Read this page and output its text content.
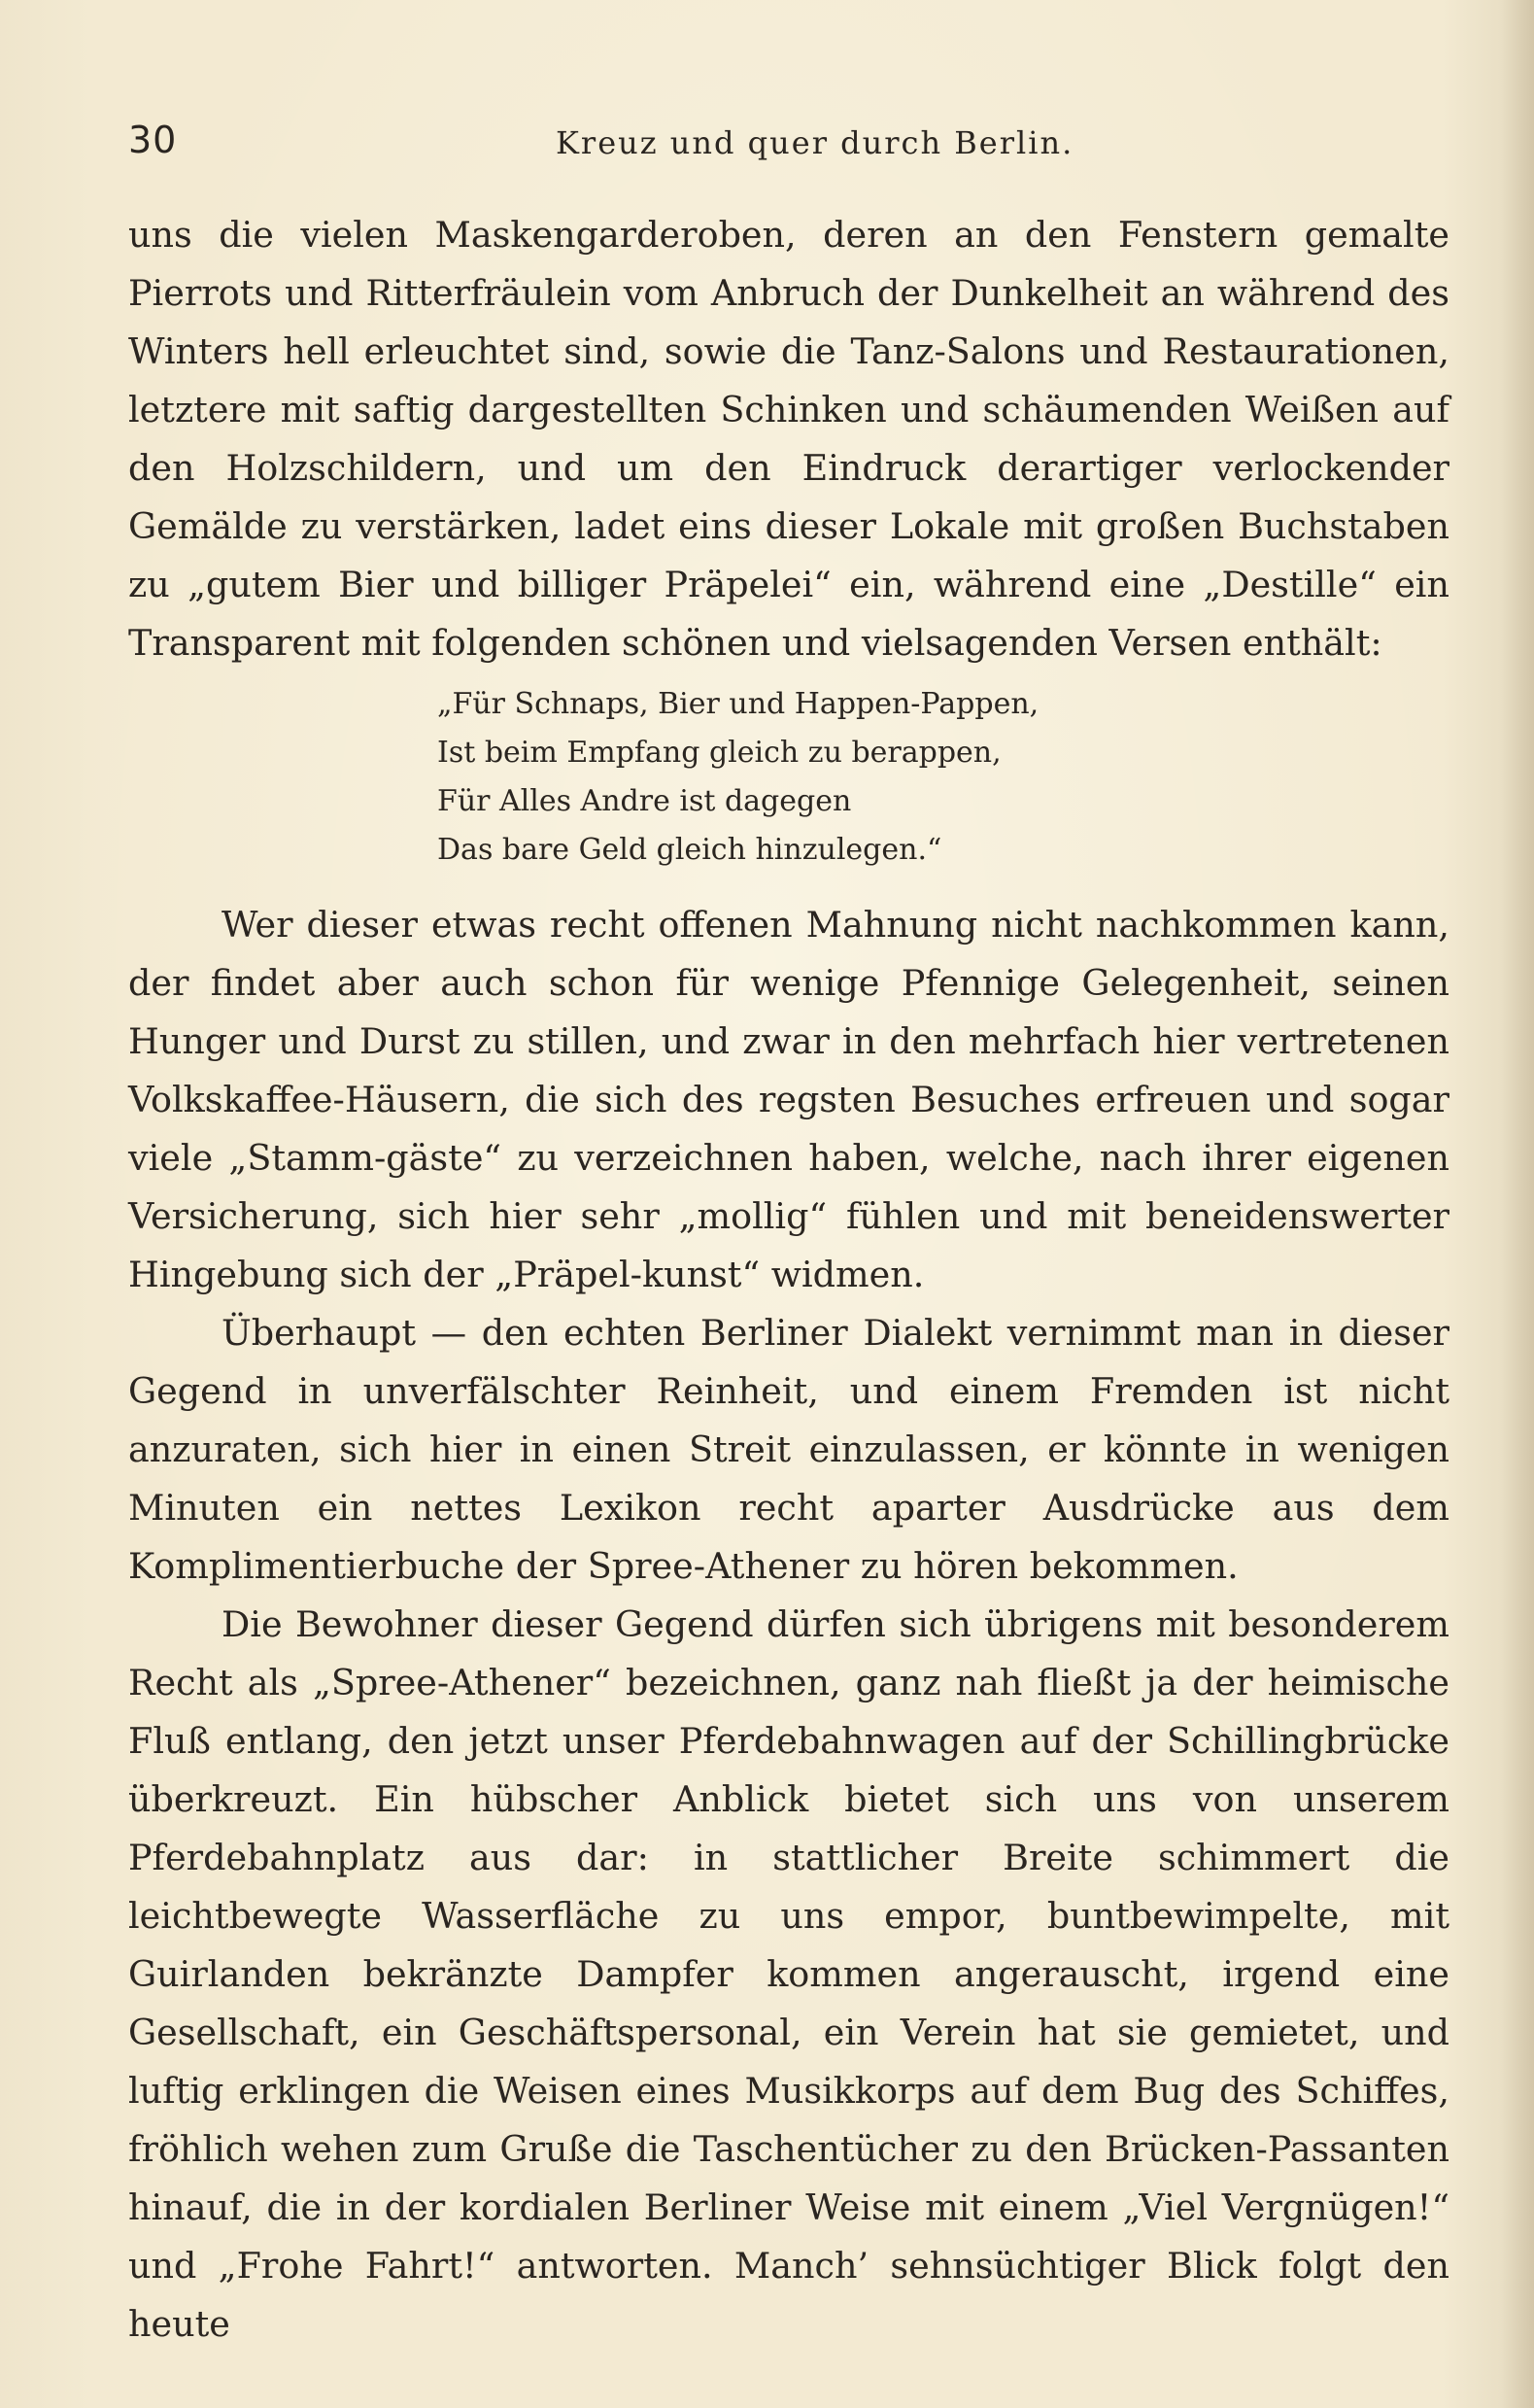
30	Kreuz und quer durch Berlin.

uns die vielen Maskengarderoben, deren an den Fenstern gemalte Pierrots und Ritterfräulein vom Anbruch der Dunkelheit an während des Winters hell erleuchtet sind, sowie die Tanz-Salons und Restaurationen, letztere mit saftig dargestellten Schinken und schäumenden Weißen auf den Holzschildern, und um den Eindruck derartiger verlockender Gemälde zu verstärken, ladet eins dieser Lokale mit großen Buchstaben zu „gutem Bier und billiger Präpelei“ ein, während eine „Destille“ ein Transparent mit folgenden schönen und vielsagenden Versen enthält:

„Für Schnaps, Bier und Happen-Pappen,
Ist beim Empfang gleich zu berappen,
Für Alles Andre ist dagegen
Das bare Geld gleich hinzulegen.“

Wer dieser etwas recht offenen Mahnung nicht nachkommen kann, der findet aber auch schon für wenige Pfennige Gelegenheit, seinen Hunger und Durst zu stillen, und zwar in den mehrfach hier vertretenen Volkskaffee-Häusern, die sich des regsten Besuches erfreuen und sogar viele „Stamm-gäste“ zu verzeichnen haben, welche, nach ihrer eigenen Versicherung, sich hier sehr „mollig“ fühlen und mit beneidenswerter Hingebung sich der „Präpel-kunst“ widmen.

Überhaupt — den echten Berliner Dialekt vernimmt man in dieser Gegend in unverfälschter Reinheit, und einem Fremden ist nicht anzuraten, sich hier in einen Streit einzulassen, er könnte in wenigen Minuten ein nettes Lexikon recht aparter Ausdrücke aus dem Komplimentierbuche der Spree-Athener zu hören bekommen.

Die Bewohner dieser Gegend dürfen sich übrigens mit besonderem Recht als „Spree-Athener“ bezeichnen, ganz nah fließt ja der heimische Fluß entlang, den jetzt unser Pferdebahnwagen auf der Schillingbrücke überkreuzt. Ein hübscher Anblick bietet sich uns von unserem Pferdebahnplatz aus dar: in stattlicher Breite schimmert die leichtbewegte Wasserfläche zu uns empor, buntbewimpelte, mit Guirlanden bekränzte Dampfer kommen angerauscht, irgend eine Gesellschaft, ein Geschäftspersonal, ein Verein hat sie gemietet, und luftig erklingen die Weisen eines Musikkorps auf dem Bug des Schiffes, fröhlich wehen zum Gruße die Taschentücher zu den Brücken-Passanten hinauf, die in der kordialen Berliner Weise mit einem „Viel Vergnügen!“ und „Frohe Fahrt!“ antworten. Manch’ sehnsüchtiger Blick folgt den heute
